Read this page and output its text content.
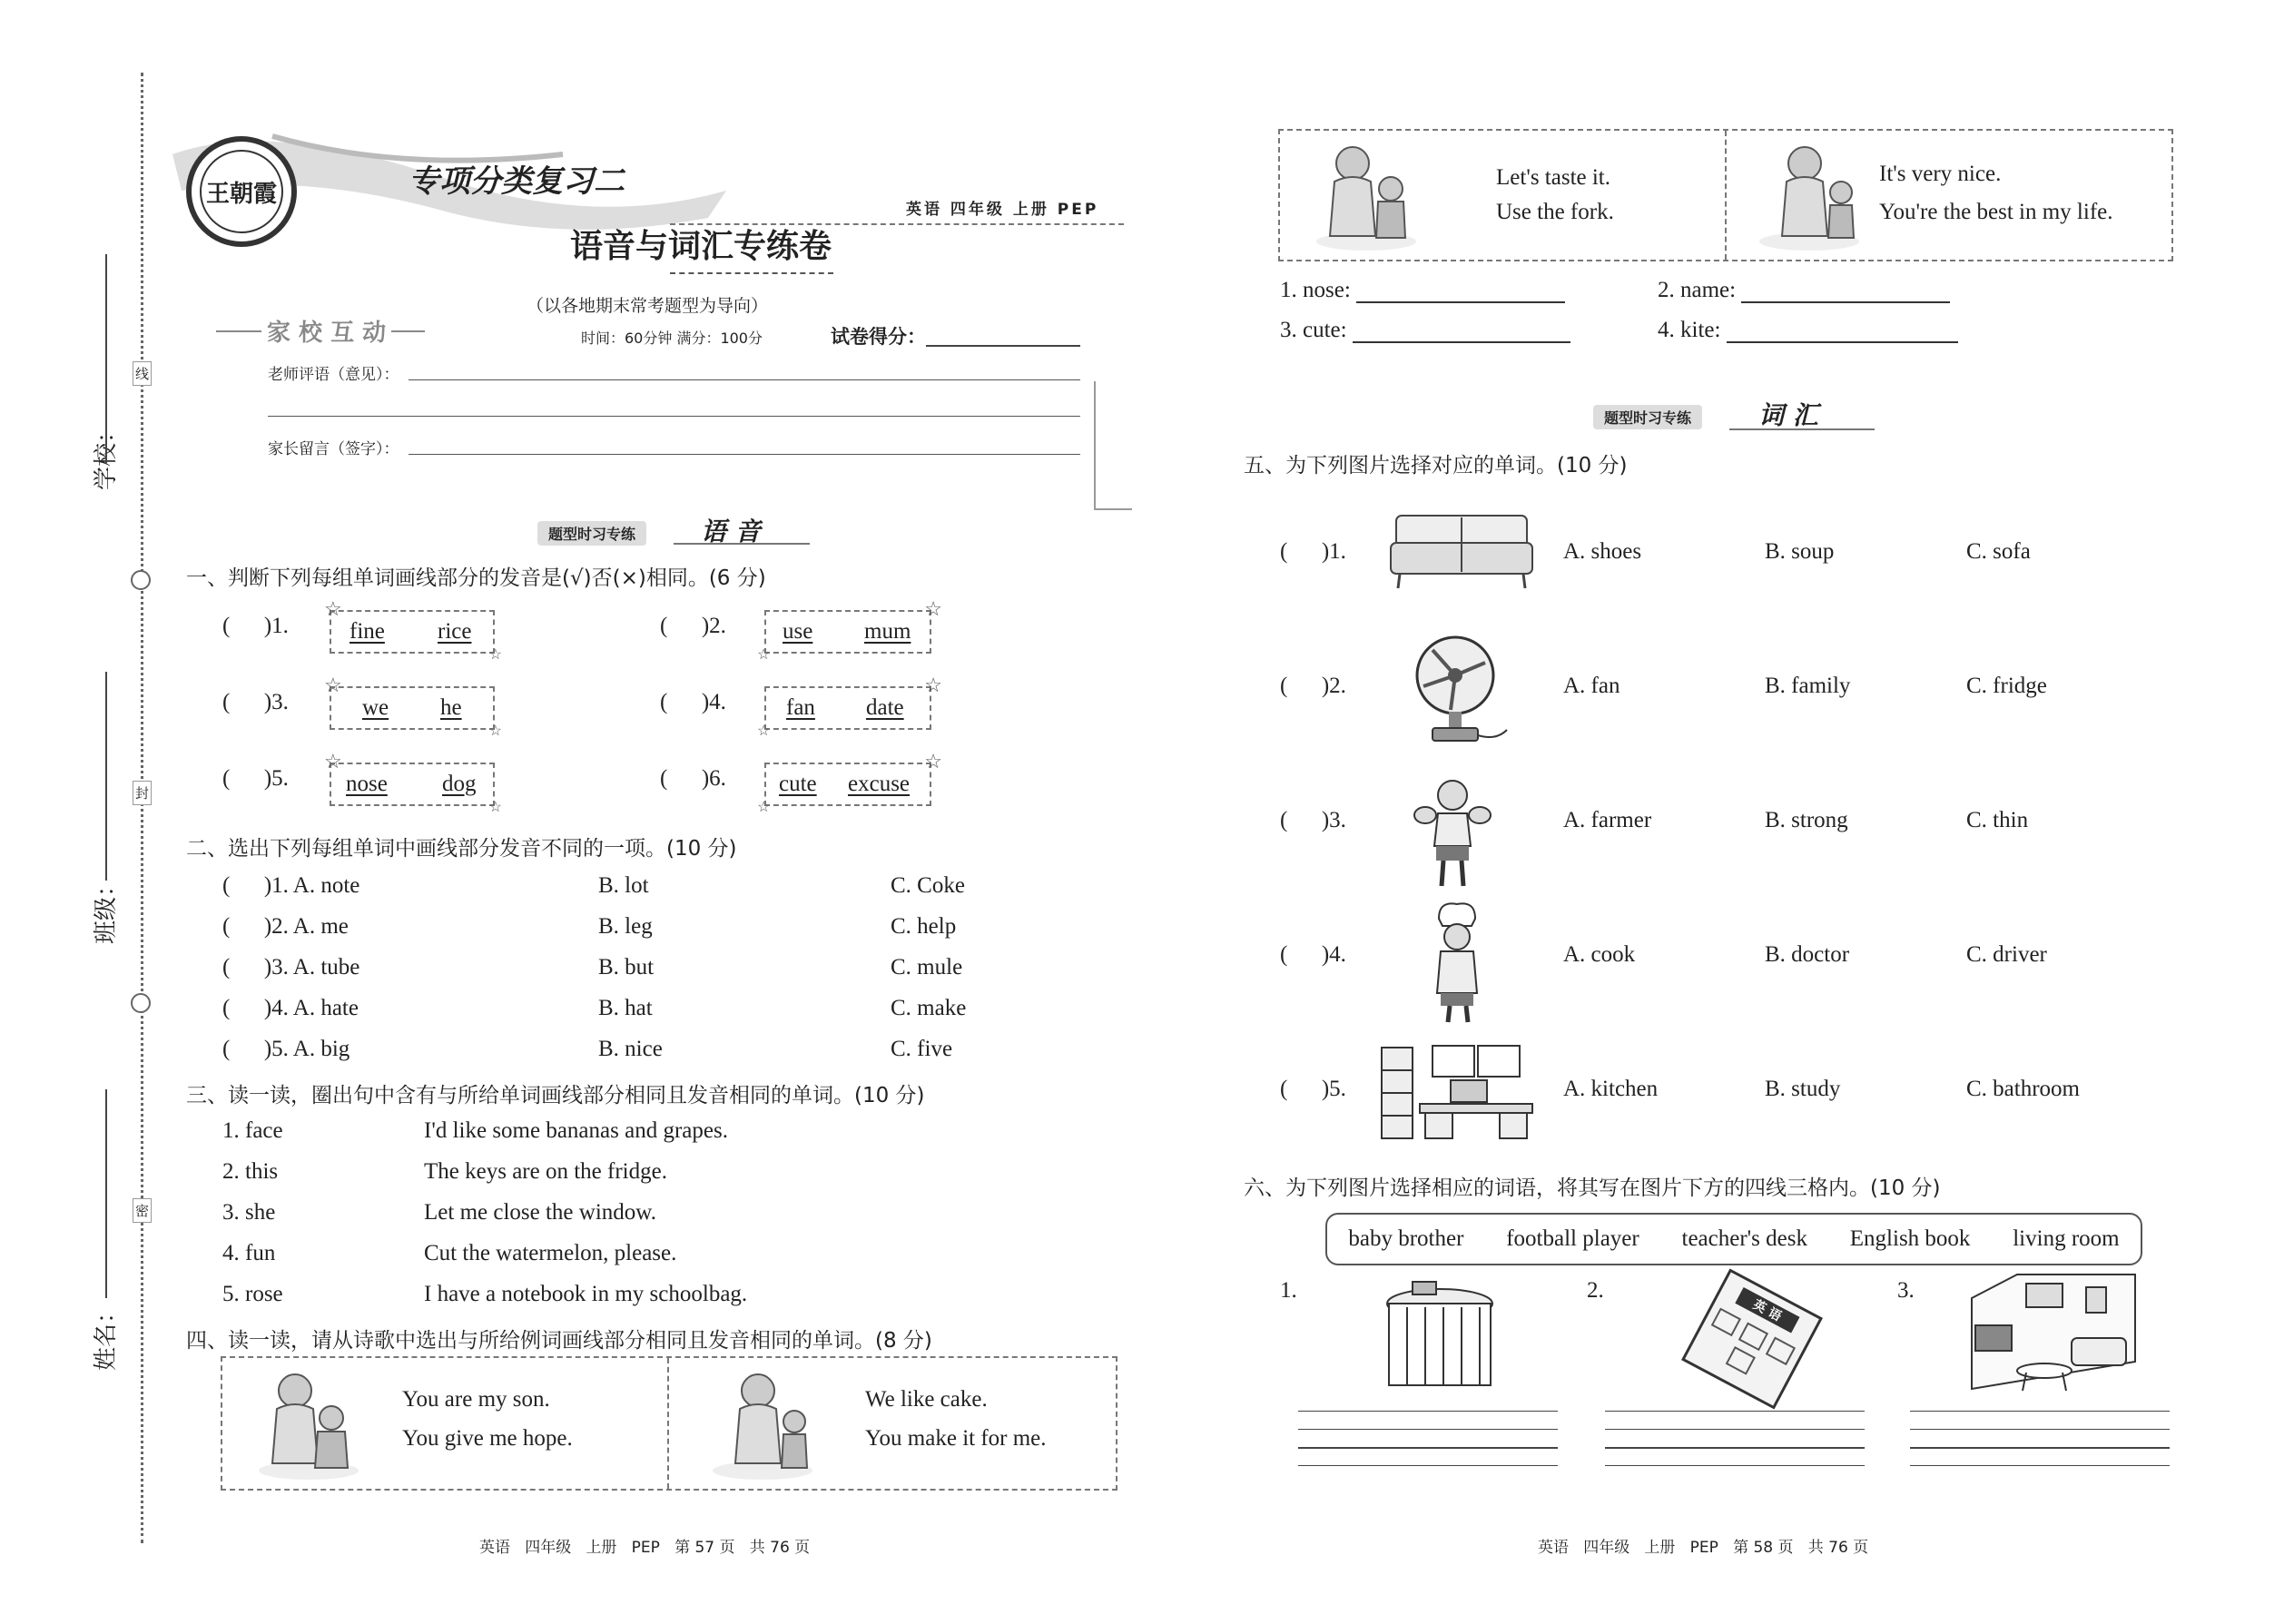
线
封
密
学校：
班级：
姓名：
王朝霞	专项分类复习二
英语 四年级 上册 PEP
语音与词汇专练卷
（以各地期末常考题型为导向）
时间：60分钟 满分：100分	试卷得分：
家 校 互 动
老师评语（意见）：
家长留言（签字）：
题型时习专练	语 音
一、判断下列每组单词画线部分的发音是(√)否(×)相同。(6 分)
(      )1.	fine rice
☆
☆
(      )2. use mum
☆
☆
(      )3.	we he
☆
☆
(      )4.	fan date
☆
☆
(      )5.	nose dog
☆
☆
(      )6. cute excuse
☆
☆
二、选出下列每组单词中画线部分发音不同的一项。(10 分)
(      )1. A. note	B. lot	C. Coke
(      )2. A. me	B. leg	C. help
(      )3. A. tube	B. but	C. mule
(      )4. A. hate	B. hat	C. make
(      )5. A. big	B. nice	C. five
三、读一读，圈出句中含有与所给单词画线部分相同且发音相同的单词。(10 分)
1. face	I'd like some bananas and grapes.
2. this	The keys are on the fridge.
3. she	Let me close the window.
4. fun	Cut the watermelon, please.
5. rose	I have a notebook in my schoolbag.
四、读一读，请从诗歌中选出与所给例词画线部分相同且发音相同的单词。(8 分)
You are my son.
You give me hope.
We like cake.
You make it for me.
Let's taste it.
Use the fork.
It's very nice.
You're the best in my life.
1. nose:	2. name:
3. cute:	4. kite:
题型时习专练	词 汇
五、为下列图片选择对应的单词。(10 分)
(      )1.	A. shoes	B. soup	C. sofa
(      )2.	A. fan	B. family	C. fridge
(      )3.	A. farmer	B. strong	C. thin
(      )4.	A. cook	B. doctor	C. driver
(      )5.	A. kitchen	B. study	C. bathroom
六、为下列图片选择相应的词语，将其写在图片下方的四线三格内。(10 分)
baby brother football player teacher's desk English book living room
1.	2.
英 语
3.
英语   四年级   上册   PEP   第 57 页   共 76 页	英语   四年级   上册   PEP   第 58 页   共 76 页
